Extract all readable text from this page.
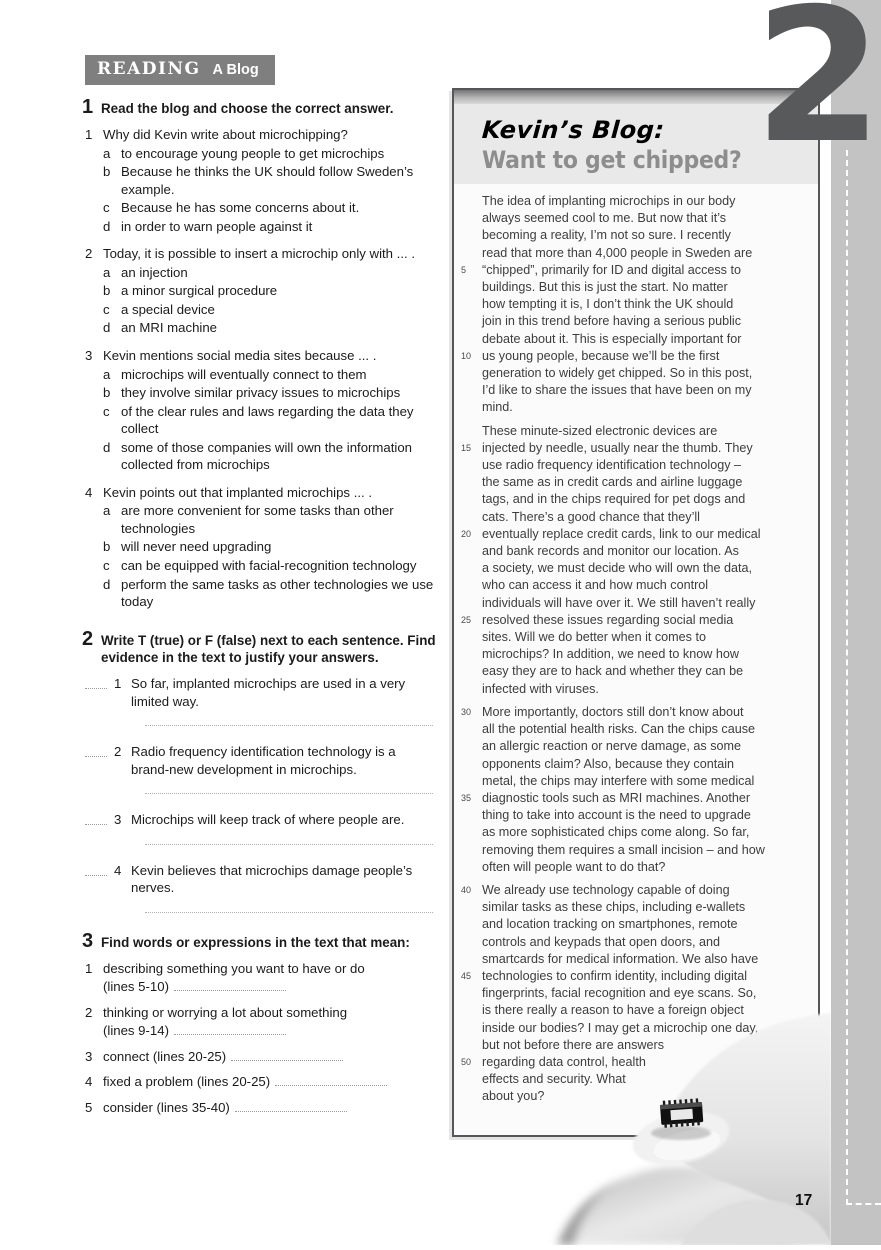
2
READING A Blog
1 Read the blog and choose the correct answer.
1 Why did Kevin write about microchipping?
a to encourage young people to get microchips
b Because he thinks the UK should follow Sweden’s example.
c Because he has some concerns about it.
d in order to warn people against it
2 Today, it is possible to insert a microchip only with ... .
a an injection
b a minor surgical procedure
c a special device
d an MRI machine
3 Kevin mentions social media sites because ... .
a microchips will eventually connect to them
b they involve similar privacy issues to microchips
c of the clear rules and laws regarding the data they collect
d some of those companies will own the information collected from microchips
4 Kevin points out that implanted microchips ... .
a are more convenient for some tasks than other technologies
b will never need upgrading
c can be equipped with facial-recognition technology
d perform the same tasks as other technologies we use today
2 Write T (true) or F (false) next to each sentence. Find evidence in the text to justify your answers.
1 So far, implanted microchips are used in a very limited way.
2 Radio frequency identification technology is a brand-new development in microchips.
3 Microchips will keep track of where people are.
4 Kevin believes that microchips damage people’s nerves.
3 Find words or expressions in the text that mean:
1 describing something you want to have or do (lines 5-10)
2 thinking or worrying a lot about something (lines 9-14)
3 connect (lines 20-25)
4 fixed a problem (lines 20-25)
5 consider (lines 35-40)
Kevin’s Blog:
Want to get chipped?
The idea of implanting microchips in our body
always seemed cool to me. But now that it’s
becoming a reality, I’m not so sure. I recently
read that more than 4,000 people in Sweden are
5	“chipped”, primarily for ID and digital access to
buildings. But this is just the start. No matter
how tempting it is, I don’t think the UK should
join in this trend before having a serious public
debate about it. This is especially important for
10 us young people, because we’ll be the first
generation to widely get chipped. So in this post,
I’d like to share the issues that have been on my
mind.
These minute-sized electronic devices are
15 injected by needle, usually near the thumb. They
use radio frequency identification technology –
the same as in credit cards and airline luggage
tags, and in the chips required for pet dogs and
cats. There’s a good chance that they’ll
20 eventually replace credit cards, link to our medical
and bank records and monitor our location. As
a society, we must decide who will own the data,
who can access it and how much control
individuals will have over it. We still haven’t really
25 resolved these issues regarding social media
sites. Will we do better when it comes to
microchips? In addition, we need to know how
easy they are to hack and whether they can be
infected with viruses.
30 More importantly, doctors still don’t know about
all the potential health risks. Can the chips cause
an allergic reaction or nerve damage, as some
opponents claim? Also, because they contain
metal, the chips may interfere with some medical
35 diagnostic tools such as MRI machines. Another
thing to take into account is the need to upgrade
as more sophisticated chips come along. So far,
removing them requires a small incision – and how
often will people want to do that?
40 We already use technology capable of doing
similar tasks as these chips, including e-wallets
and location tracking on smartphones, remote
controls and keypads that open doors, and
smartcards for medical information. We also have
45 technologies to confirm identity, including digital
fingerprints, facial recognition and eye scans. So,
is there really a reason to have a foreign object
inside our bodies? I may get a microchip one day,
but not before there are answers
50 regarding data control, health
effects and security. What
about you?
17
